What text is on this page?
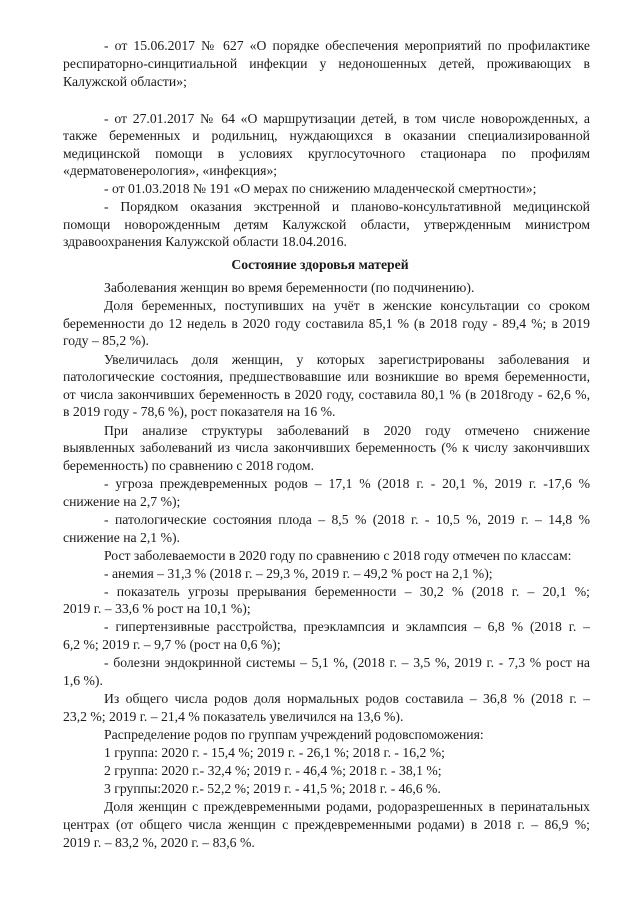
- от 15.06.2017 № 627 «О порядке обеспечения мероприятий по профилактике

респираторно-синцитиальной инфекции у недоношенных детей, проживающих в

Калужской области»;

- от 27.01.2017 № 64 «О маршрутизации детей, в том числе новорожденных, а

также беременных и родильниц, нуждающихся в оказании специализированной

медицинской помощи в условиях круглосуточного стационара по профилям

«дерматовенерология», «инфекция»;

- от 01.03.2018 № 191 «О мерах по снижению младенческой смертности»;

- Порядком оказания экстренной и планово-консультативной медицинской

помощи новорожденным детям Калужской области, утвержденным министром

здравоохранения Калужской области 18.04.2016.

Состояние здоровья матерей

Заболевания женщин во время беременности (по подчинению).

Доля беременных, поступивших на учёт в женские консультации со сроком

беременности до 12 недель в 2020 году составила 85,1 % (в 2018 году - 89,4 %; в 2019

году – 85,2 %).

Увеличилась доля женщин, у которых зарегистрированы заболевания и

патологические состояния, предшествовавшие или возникшие во время беременности,

от числа закончивших беременность в 2020 году, составила 80,1 % (в 2018году - 62,6 %,

в 2019 году - 78,6 %), рост показателя на 16 %.

При анализе структуры заболеваний в 2020 году отмечено снижение

выявленных заболеваний из числа закончивших беременность (% к числу закончивших

беременность) по сравнению с 2018 годом.

- угроза преждевременных родов – 17,1 % (2018 г. - 20,1 %, 2019 г. -17,6 %

снижение на 2,7 %);

- патологические состояния плода – 8,5 % (2018 г. - 10,5 %, 2019 г. – 14,8 %

снижение на 2,1 %).

Рост заболеваемости в 2020 году по сравнению с 2018 году отмечен по классам:

- анемия – 31,3 % (2018 г. – 29,3 %, 2019 г. – 49,2 % рост на 2,1 %);

- показатель угрозы прерывания беременности – 30,2 % (2018 г. – 20,1 %;

2019 г. – 33,6 % рост на 10,1 %);

- гипертензивные расстройства, преэклампсия и эклампсия – 6,8 % (2018 г. –

6,2 %; 2019 г. – 9,7 % (рост на 0,6 %);

- болезни эндокринной системы – 5,1 %, (2018 г. – 3,5 %, 2019 г. - 7,3 % рост на

1,6 %).

Из общего числа родов доля нормальных родов составила – 36,8 % (2018 г. –

23,2 %; 2019 г. – 21,4 % показатель увеличился на 13,6 %).

Распределение родов по группам учреждений родовспоможения:

1 группа: 2020 г. - 15,4 %; 2019 г. - 26,1 %; 2018 г. - 16,2 %;

2 группа: 2020 г.- 32,4 %; 2019 г. - 46,4 %; 2018 г. - 38,1 %;

3 группы:2020 г.- 52,2 %; 2019 г. - 41,5 %; 2018 г. - 46,6 %.

Доля женщин с преждевременными родами, родоразрешенных в перинатальных

центрах (от общего числа женщин с преждевременными родами) в 2018 г. – 86,9 %;

2019 г. – 83,2 %, 2020 г. – 83,6 %.
